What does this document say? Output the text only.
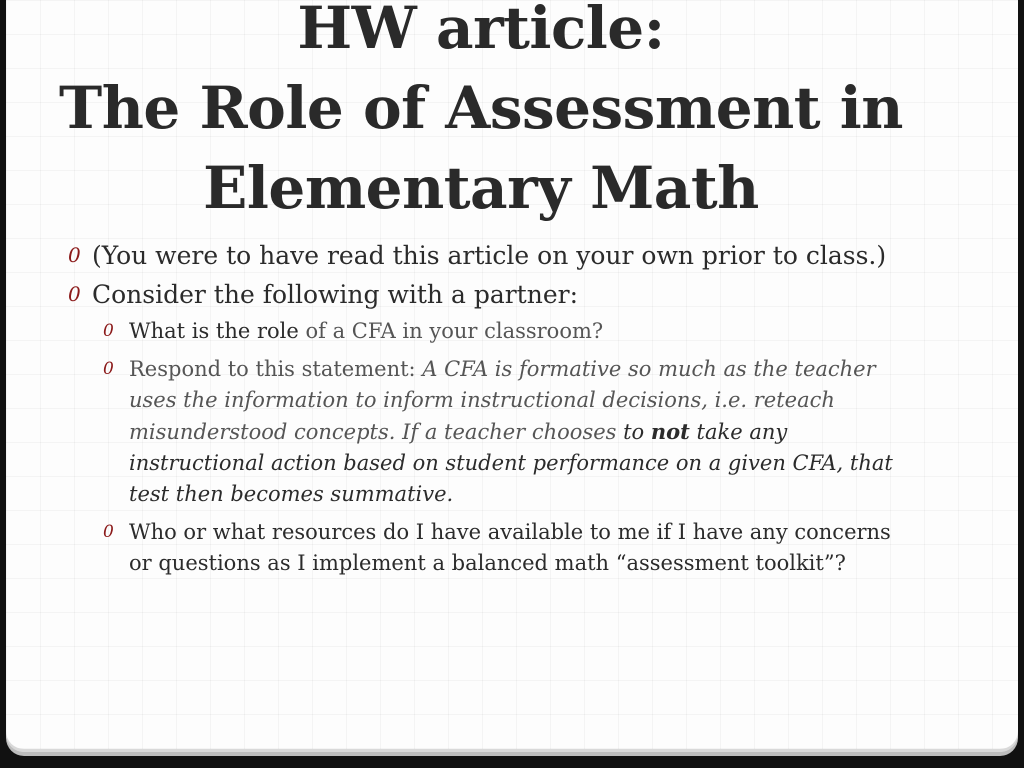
HW article:
The Role of Assessment in
Elementary Math
0 (You were to have read this article on your own prior to class.)
0 Consider the following with a partner:
0 What is the role of a CFA in your classroom?
0 Respond to this statement: A CFA is formative so much as the teacher uses the information to inform instructional decisions, i.e. reteach misunderstood concepts. If a teacher chooses to not take any instructional action based on student performance on a given CFA, that test then becomes summative.
0 Who or what resources do I have available to me if I have any concerns or questions as I implement a balanced math “assessment toolkit”?
